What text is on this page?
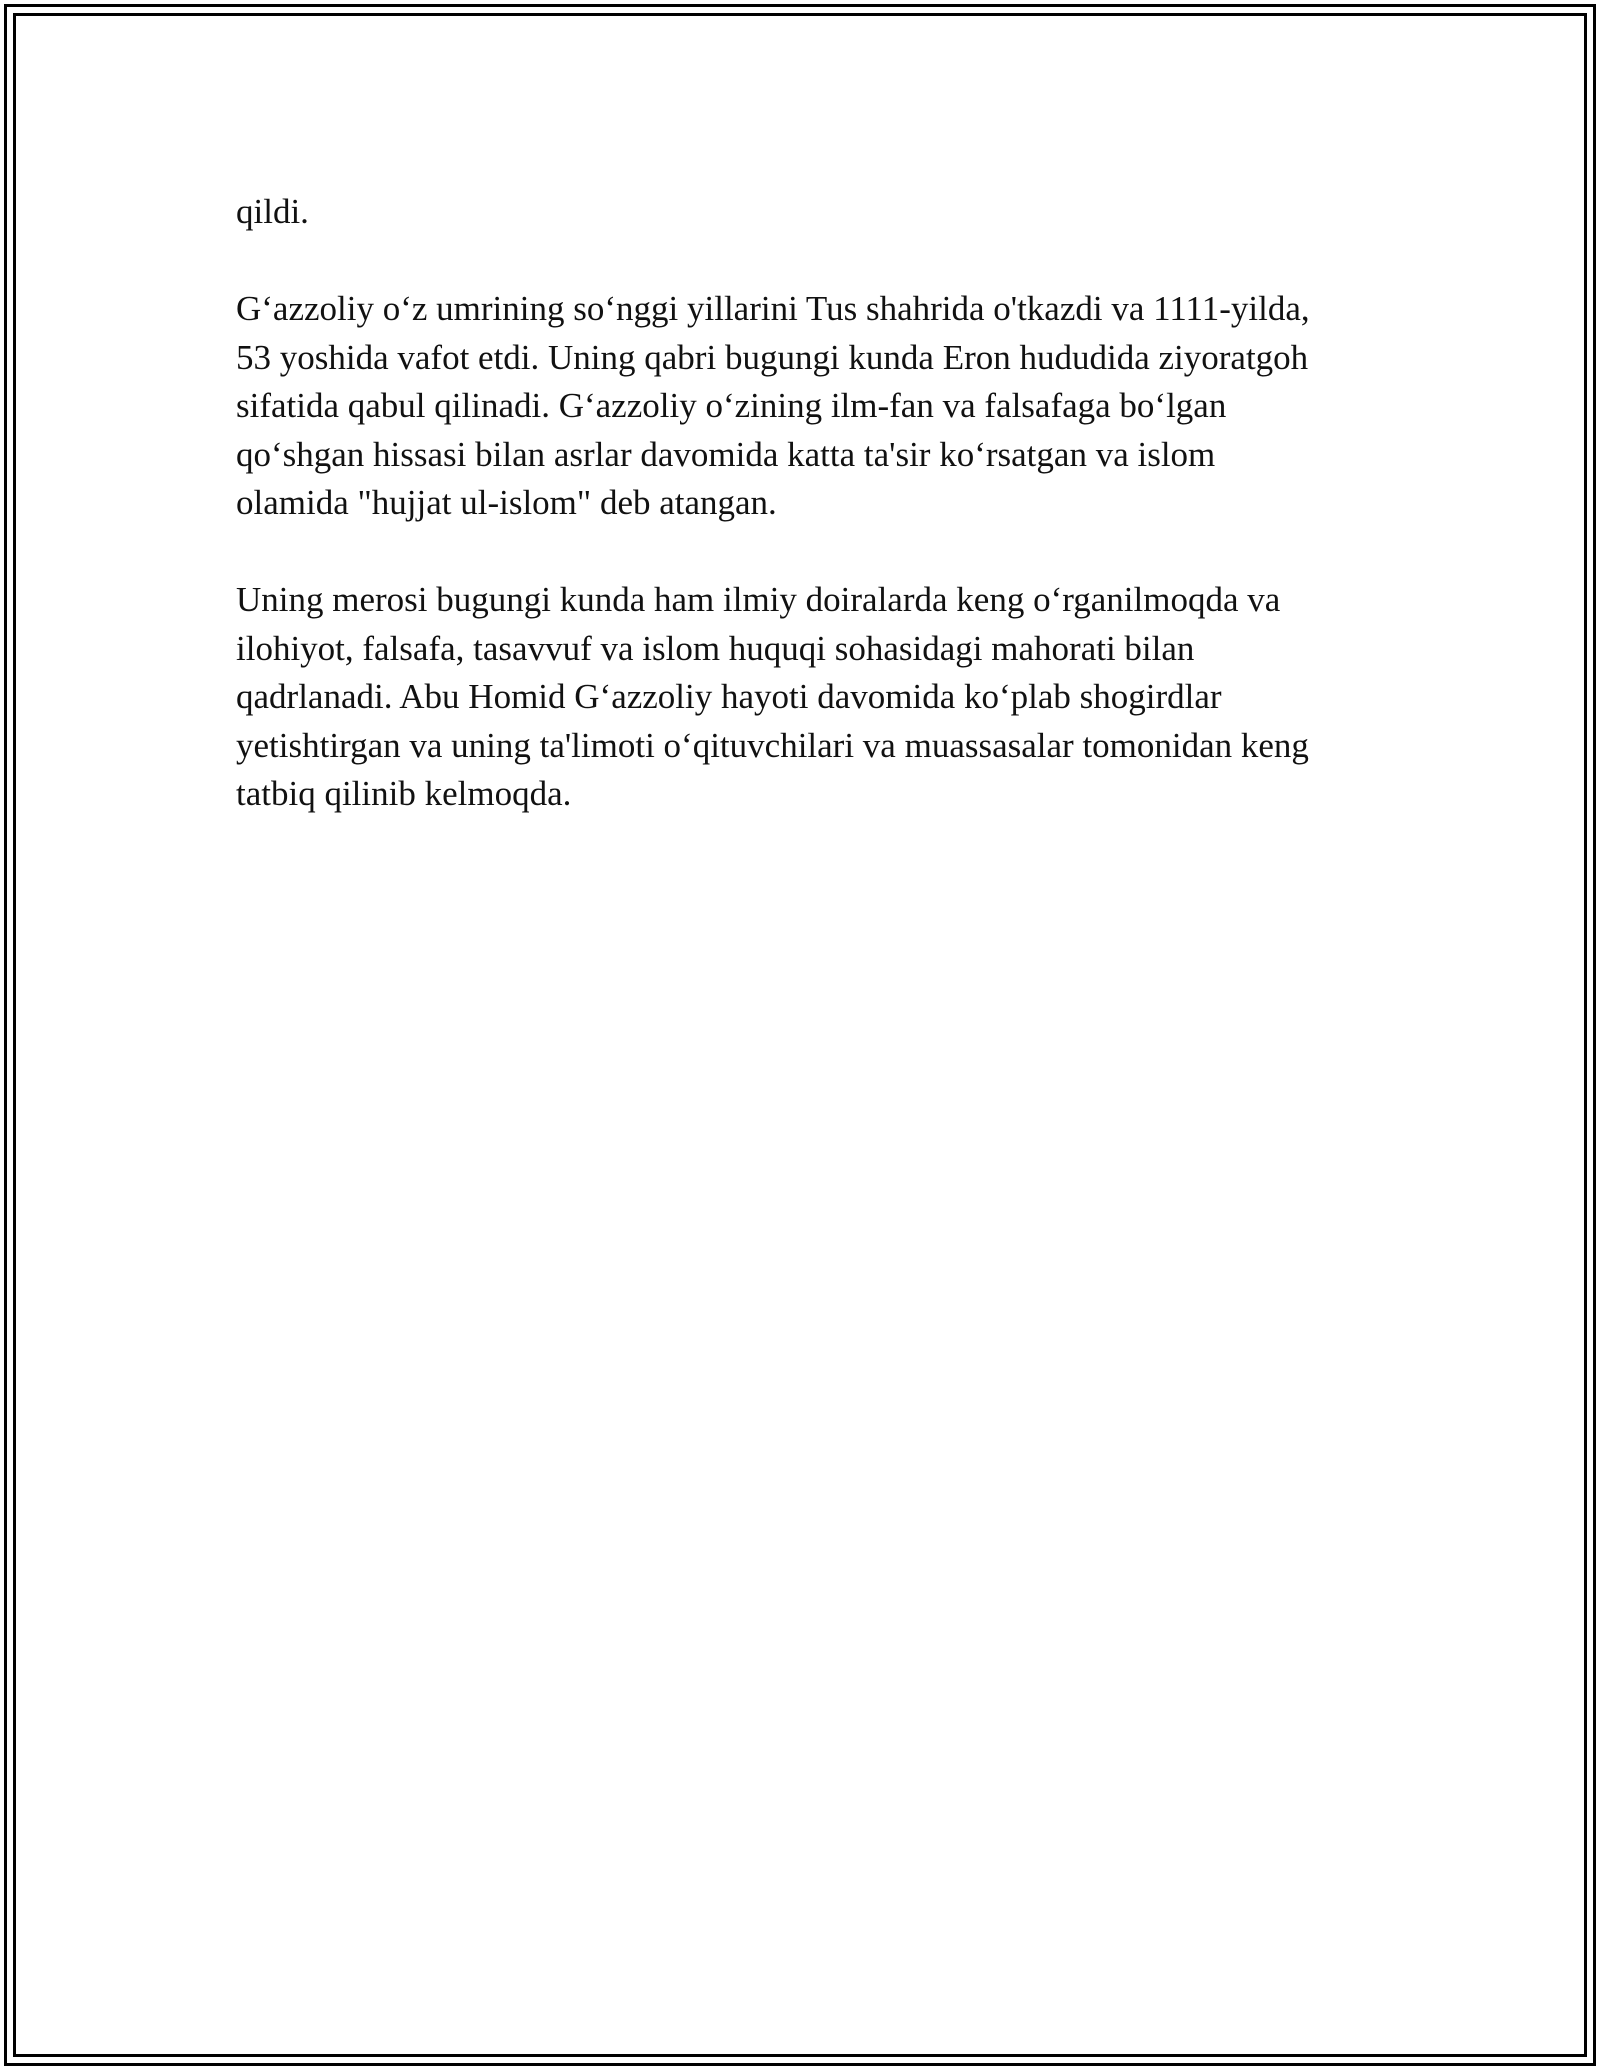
qildi.

G‘azzoliy o‘z umrining so‘nggi yillarini Tus shahrida o'tkazdi va 1111-yilda,
53 yoshida vafot etdi. Uning qabri bugungi kunda Eron hududida ziyoratgoh
sifatida qabul qilinadi. G‘azzoliy o‘zining ilm-fan va falsafaga bo‘lgan
qo‘shgan hissasi bilan asrlar davomida katta ta'sir ko‘rsatgan va islom
olamida "hujjat ul-islom" deb atangan.

Uning merosi bugungi kunda ham ilmiy doiralarda keng o‘rganilmoqda va
ilohiyot, falsafa, tasavvuf va islom huquqi sohasidagi mahorati bilan
qadrlanadi. Abu Homid G‘azzoliy hayoti davomida ko‘plab shogirdlar
yetishtirgan va uning ta'limoti o‘qituvchilari va muassasalar tomonidan keng
tatbiq qilinib kelmoqda.
